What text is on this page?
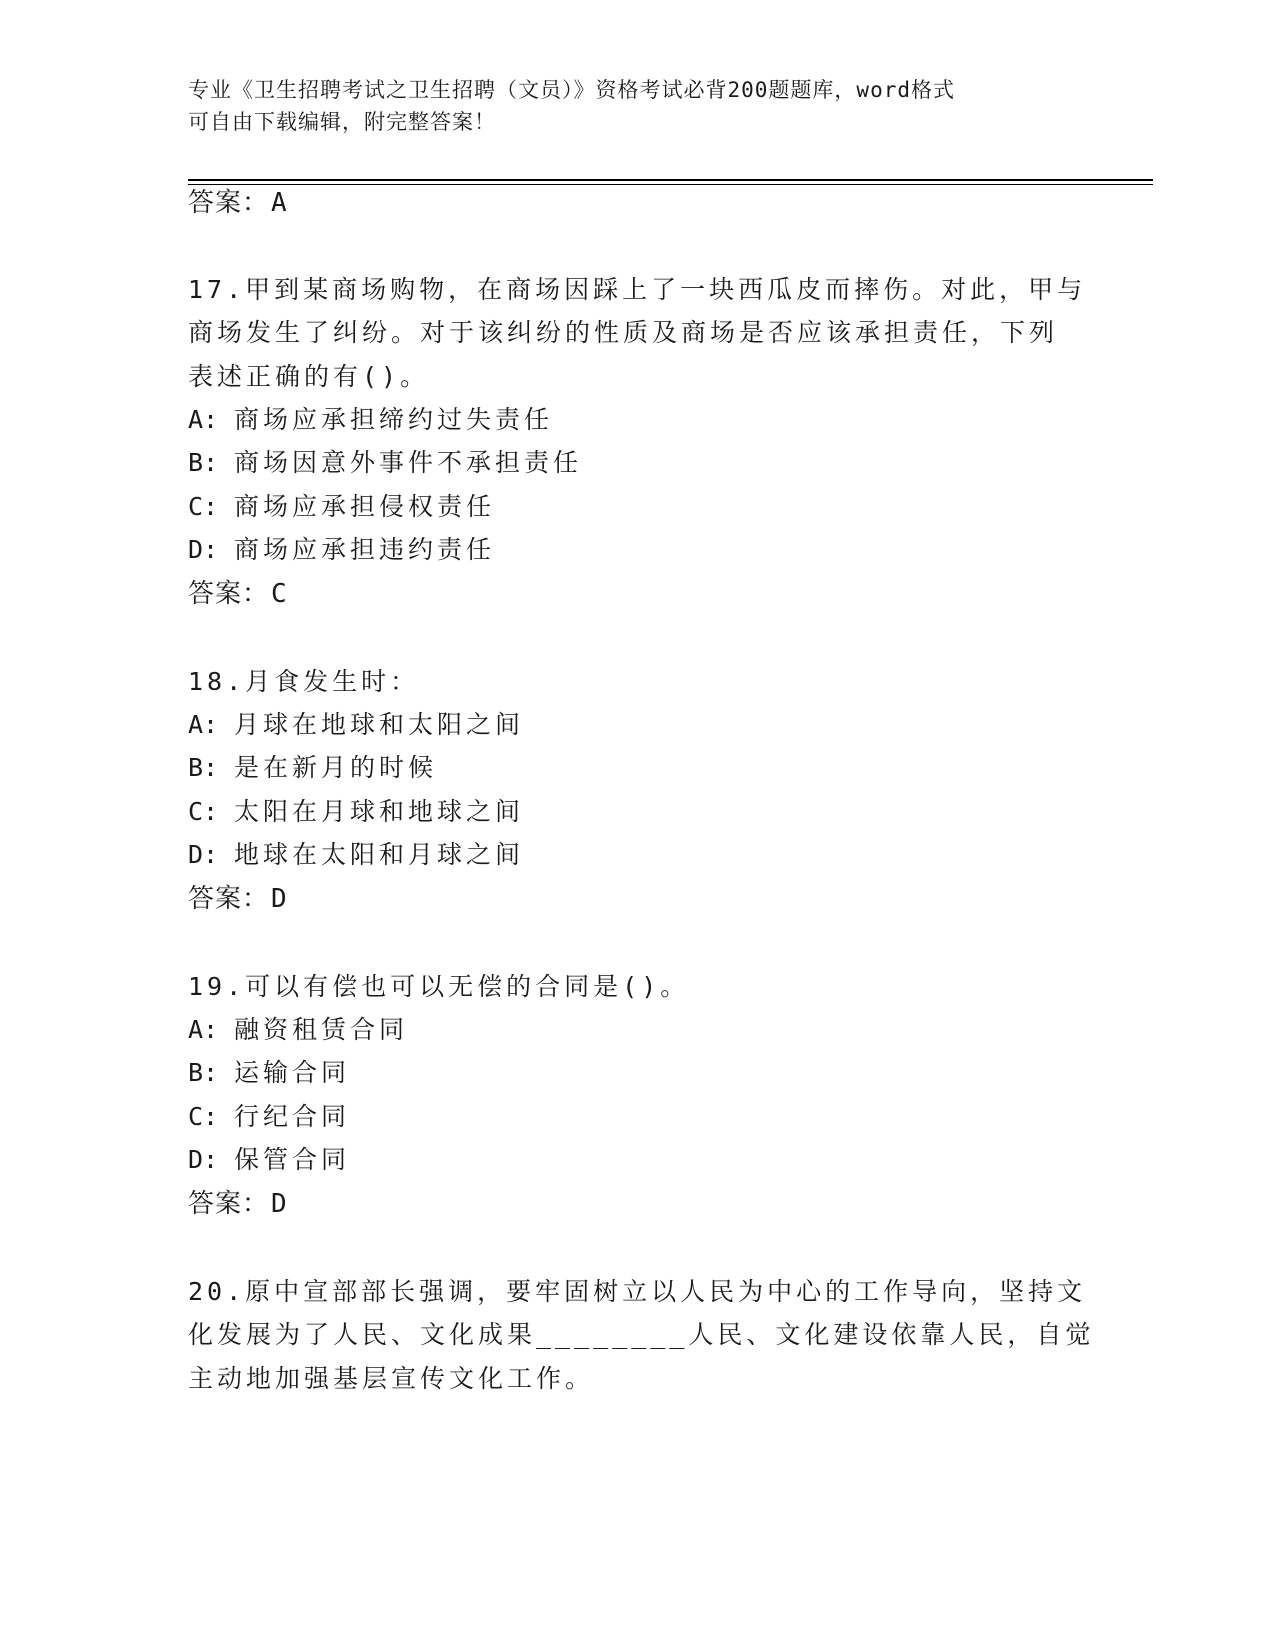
专业《卫生招聘考试之卫生招聘（文员）》资格考试必背200题题库，word格式
可自由下载编辑，附完整答案！
答案：A
17.甲到某商场购物，在商场因踩上了一块西瓜皮而摔伤。对此，甲与
商场发生了纠纷。对于该纠纷的性质及商场是否应该承担责任，下列
表述正确的有()。
A: 商场应承担缔约过失责任
B: 商场因意外事件不承担责任
C: 商场应承担侵权责任
D: 商场应承担违约责任
答案：C
18.月食发生时：
A: 月球在地球和太阳之间
B: 是在新月的时候
C: 太阳在月球和地球之间
D: 地球在太阳和月球之间
答案：D
19.可以有偿也可以无偿的合同是()。
A: 融资租赁合同
B: 运输合同
C: 行纪合同
D: 保管合同
答案：D
20.原中宣部部长强调，要牢固树立以人民为中心的工作导向，坚持文
化发展为了人民、文化成果________人民、文化建设依靠人民，自觉
主动地加强基层宣传文化工作。
